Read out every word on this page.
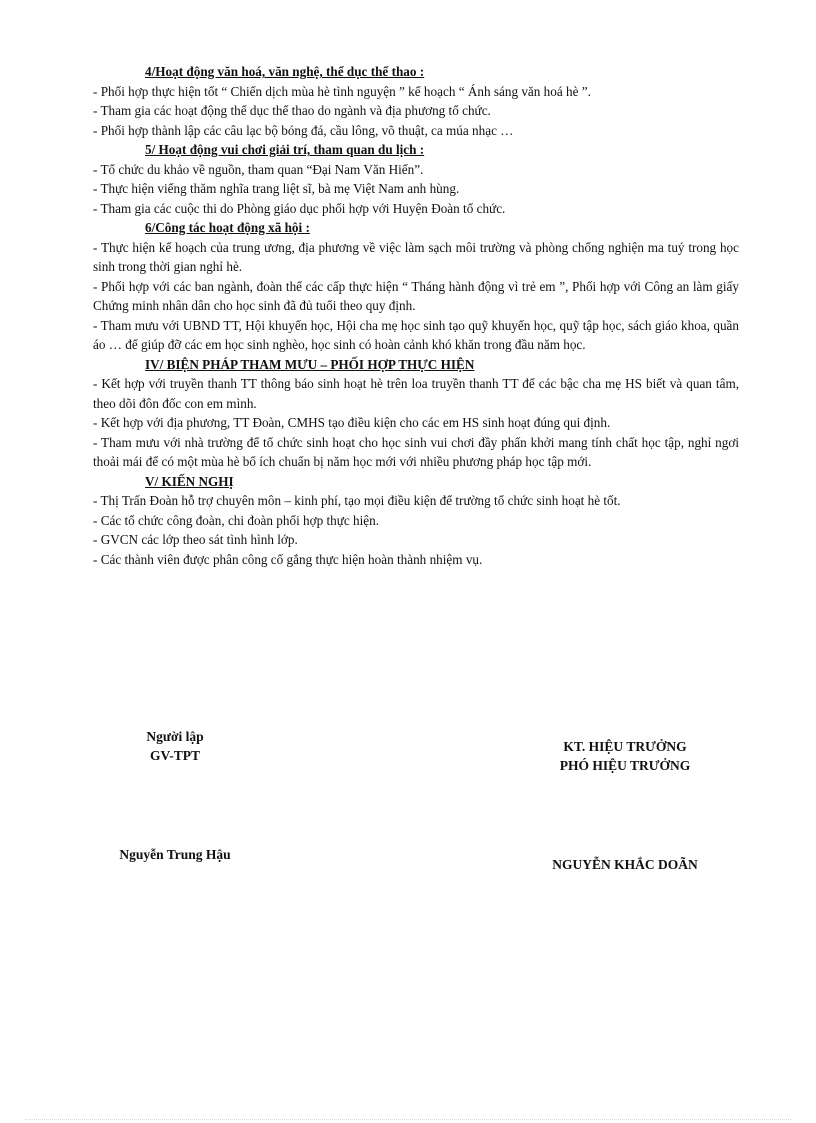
4/Hoạt động văn hoá, văn nghệ, thể dục thể thao :
- Phối hợp thực hiện tốt “ Chiến dịch mùa hè tình nguyện ” kế hoạch “ Ánh sáng văn hoá hè ”.
- Tham gia các hoạt động thể dục thể thao do ngành và địa phương tổ chức.
- Phối hợp thành lập các câu lạc bộ bóng đá, cầu lông, võ thuật, ca múa nhạc …
5/ Hoạt động vui chơi giải trí, tham quan du lịch :
- Tổ chức du khảo về nguồn, tham quan “Đại Nam Văn Hiến”.
- Thực hiện viếng thăm nghĩa trang liệt sĩ, bà mẹ Việt Nam anh hùng.
- Tham gia các cuộc thi do Phòng giáo dục phối hợp với Huyện Đoàn tổ chức.
6/Công tác hoạt động xã hội :
- Thực hiện kế hoạch của trung ương, địa phương về việc làm sạch môi trường và phòng chống nghiện ma tuý trong học sinh trong thời gian nghỉ hè.
- Phối hợp với các ban ngành, đoàn thể các cấp thực hiện “ Tháng hành động vì trẻ em ”, Phối hợp với Công an làm giấy Chứng minh nhân dân cho học sinh đã đủ tuổi theo quy định.
- Tham mưu với UBND TT, Hội khuyến học, Hội cha mẹ học sinh tạo quỹ khuyến học, quỹ tập học, sách giáo khoa, quần áo … để giúp đỡ các em học sinh nghèo, học sinh có hoàn cảnh khó khăn trong đầu năm học.
IV/ BIỆN PHÁP THAM MƯU – PHỐI HỢP THỰC HIỆN
- Kết hợp với truyền thanh TT thông báo sinh hoạt hè trên loa truyền thanh TT để các bậc cha mẹ HS biết và quan tâm, theo dõi đôn đốc con em mình.
- Kết hợp với địa phương, TT Đoàn, CMHS tạo điều kiện cho các em HS sinh hoạt đúng qui định.
- Tham mưu với nhà trường để tổ chức sinh hoạt cho học sinh vui chơi đầy phấn khởi mang tính chất học tập, nghỉ ngơi thoải mái để có một mùa hè bổ ích chuẩn bị năm học mới với nhiều phương pháp học tập mới.
V/ KIẾN NGHỊ
- Thị Trấn Đoàn hỗ trợ chuyên môn – kinh phí, tạo mọi điều kiện để trường tổ chức sinh hoạt hè tốt.
- Các tổ chức công đoàn, chi đoàn phối hợp thực hiện.
- GVCN các lớp theo sát tình hình lớp.
- Các thành viên được phân công cố gắng thực hiện hoàn thành nhiệm vụ.
Người lập
GV-TPT
Nguyễn Trung Hậu
KT. HIỆU TRƯỞNG
PHÓ HIỆU TRƯỞNG
NGUYỄN KHẮC DOÃN
